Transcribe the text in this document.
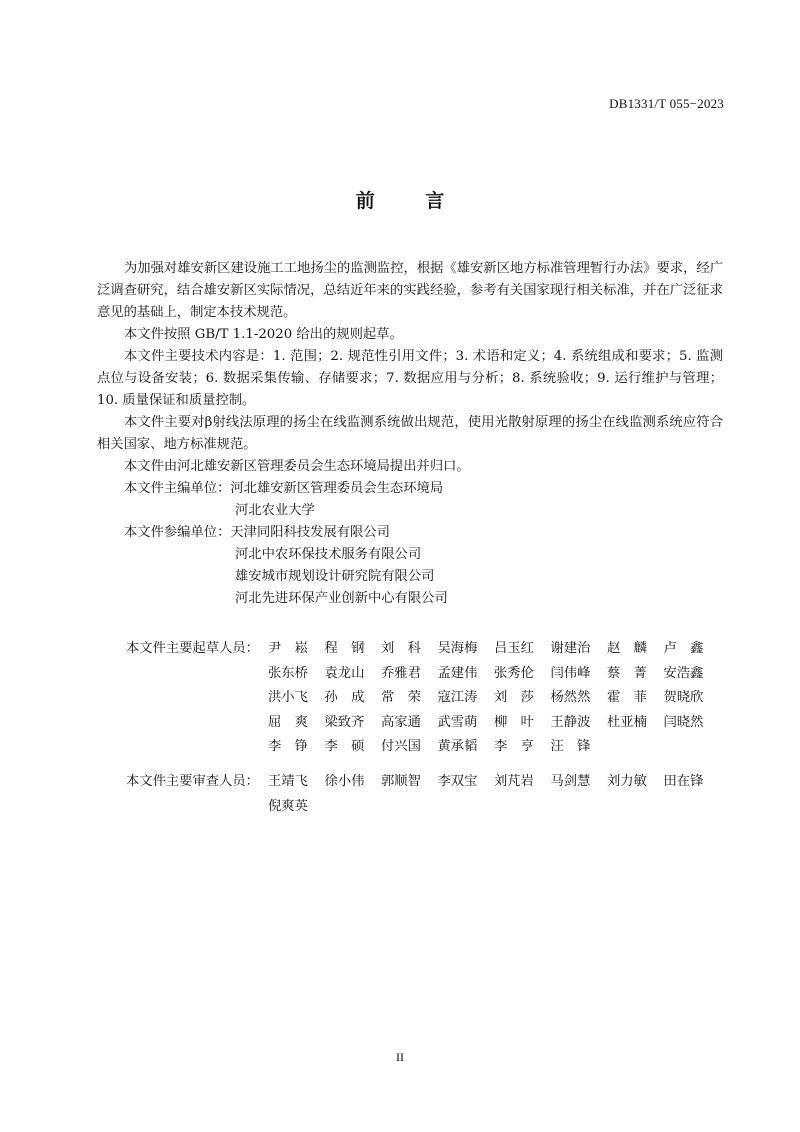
DB1331/T 055−2023
前 言

为加强对雄安新区建设施工工地扬尘的监测监控，根据《雄安新区地方标准管理暂行办法》要求，经广泛调查研究，结合雄安新区实际情况，总结近年来的实践经验，参考有关国家现行相关标准，并在广泛征求意见的基础上，制定本技术规范。

本文件按照 GB/T 1.1-2020 给出的规则起草。

本文件主要技术内容是：1. 范围；2. 规范性引用文件；3. 术语和定义；4. 系统组成和要求；5. 监测点位与设备安装；6. 数据采集传输、存储要求；7. 数据应用与分析；8. 系统验收；9. 运行维护与管理；10. 质量保证和质量控制。

本文件主要对β射线法原理的扬尘在线监测系统做出规范，使用光散射原理的扬尘在线监测系统应符合相关国家、地方标准规范。

本文件由河北雄安新区管理委员会生态环境局提出并归口。

本文件主编单位： 河北雄安新区管理委员会生态环境局
河北农业大学
本文件参编单位： 天津同阳科技发展有限公司
河北中农环保技术服务有限公司
雄安城市规划设计研究院有限公司
河北先进环保产业创新中心有限公司
本文件主要起草人员： 尹　崧	程　钢	刘　科	吴海梅	吕玉红	谢建治	赵　麟	卢　鑫
张东桥	袁龙山	乔雅君	孟建伟	张秀伦	闫伟峰	蔡　菁	安浩鑫
洪小飞	孙　成	常　荣	寇江涛	刘　莎	杨然然	霍　菲	贺晓欣
屈　爽	梁致齐	高家通	武雪萌	柳　叶	王静波	杜亚楠	闫晓然
李　铮	李　硕	付兴国	黄承韬	李　亨	汪　锋
本文件主要审查人员： 王靖飞	徐小伟	郭顺智	李双宝	刘芃岩	马剑慧	刘力敏	田在锋
倪爽英
II
